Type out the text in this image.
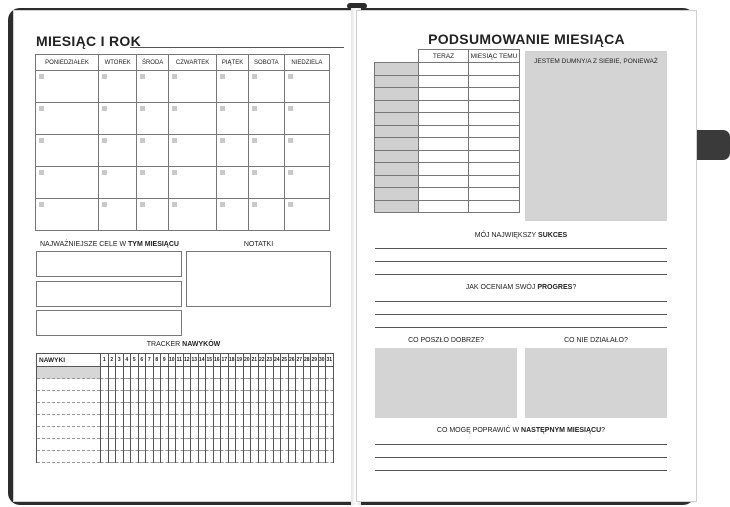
MIESIĄC I ROK
PONIEDZIAŁEK	WTOREK	ŚRODA	CZWARTEK	PIĄTEK	SOBOTA	NIEDZIELA

NAJWAŻNIEJSZE CELE W TYM MIESIĄCU	NOTATKI
TRACKER NAWYKÓW
NAWYKI	1	2	3	4	5	6	7	8	9	10	11	12	13	14	15	16	17	18	19	20	21	22	23	24	25	26	27	28	29	30	31

PODSUMOWANIE MIESIĄCA
	TERAZ	MIESIĄC TEMU

JESTEM DUMNY/A Z SIEBIE, PONIEWAŻ
MÓJ NAJWIĘKSZY SUKCES
JAK OCENIAM SWÓJ PROGRES?
CO POSZŁO DOBRZE?	CO NIE DZIAŁAŁO?
CO MOGĘ POPRAWIĆ W NASTĘPNYM MIESIĄCU?
